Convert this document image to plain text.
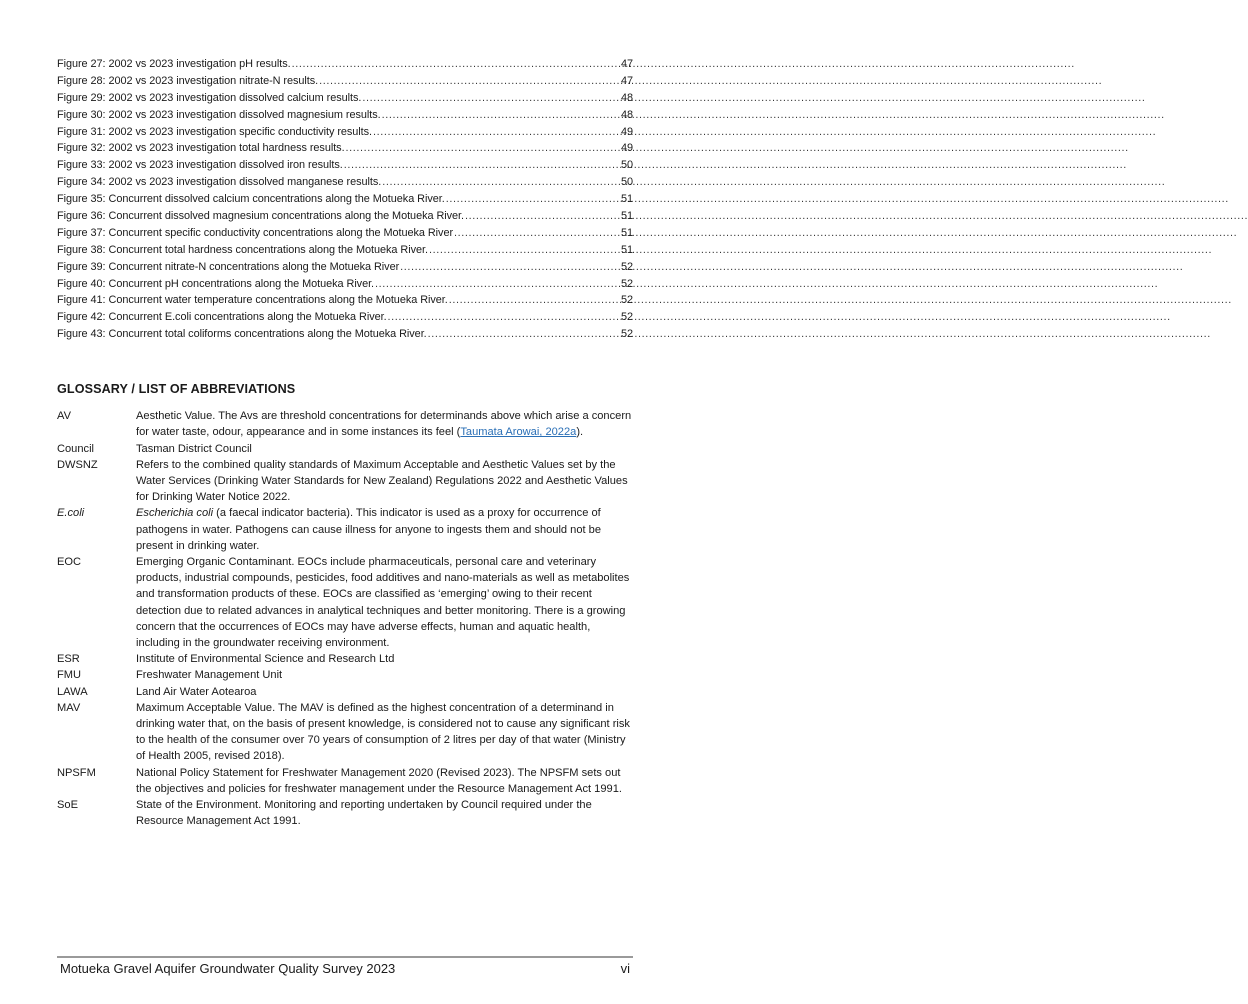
Figure 27: 2002 vs 2023 investigation pH results. .....	47
Figure 28: 2002 vs 2023 investigation nitrate-N results. .....	47
Figure 29: 2002 vs 2023 investigation dissolved calcium results. .....	48
Figure 30: 2002 vs 2023 investigation dissolved magnesium results. .....	48
Figure 31: 2002 vs 2023 investigation specific conductivity results. .....	49
Figure 32: 2002 vs 2023 investigation total hardness results. .....	49
Figure 33: 2002 vs 2023 investigation dissolved iron results. .....	50
Figure 34: 2002 vs 2023 investigation dissolved manganese results. .....	50
Figure 35: Concurrent dissolved calcium concentrations along the Motueka River. .....	51
Figure 36: Concurrent dissolved magnesium concentrations along the Motueka River. .....	51
Figure 37: Concurrent specific conductivity concentrations along the Motueka River .....	51
Figure 38: Concurrent total hardness concentrations along the Motueka River. .....	51
Figure 39: Concurrent nitrate-N concentrations along the Motueka River .....	52
Figure 40: Concurrent pH concentrations along the Motueka River. .....	52
Figure 41: Concurrent water temperature concentrations along the Motueka River. .....	52
Figure 42: Concurrent E.coli concentrations along the Motueka River. .....	52
Figure 43: Concurrent total coliforms concentrations along the Motueka River. .....	52
GLOSSARY / LIST OF ABBREVIATIONS
AV	Aesthetic Value. The Avs are threshold concentrations for determinands above which arise a concern for water taste, odour, appearance and in some instances its feel (Taumata Arowai, 2022a).
Council	Tasman District Council
DWSNZ	Refers to the combined quality standards of Maximum Acceptable and Aesthetic Values set by the Water Services (Drinking Water Standards for New Zealand) Regulations 2022 and Aesthetic Values for Drinking Water Notice 2022.
E.coli	Escherichia coli (a faecal indicator bacteria). This indicator is used as a proxy for occurrence of pathogens in water. Pathogens can cause illness for anyone to ingests them and should not be present in drinking water.
EOC	Emerging Organic Contaminant. EOCs include pharmaceuticals, personal care and veterinary products, industrial compounds, pesticides, food additives and nano-materials as well as metabolites and transformation products of these. EOCs are classified as ‘emerging’ owing to their recent detection due to related advances in analytical techniques and better monitoring. There is a growing concern that the occurrences of EOCs may have adverse effects, human and aquatic health, including in the groundwater receiving environment.
ESR	Institute of Environmental Science and Research Ltd
FMU	Freshwater Management Unit
LAWA	Land Air Water Aotearoa
MAV	Maximum Acceptable Value. The MAV is defined as the highest concentration of a determinand in drinking water that, on the basis of present knowledge, is considered not to cause any significant risk to the health of the consumer over 70 years of consumption of 2 litres per day of that water (Ministry of Health 2005, revised 2018).
NPSFM	National Policy Statement for Freshwater Management 2020 (Revised 2023). The NPSFM sets out the objectives and policies for freshwater management under the Resource Management Act 1991.
SoE	State of the Environment. Monitoring and reporting undertaken by Council required under the Resource Management Act 1991.
Motueka Gravel Aquifer Groundwater Quality Survey 2023	vi
